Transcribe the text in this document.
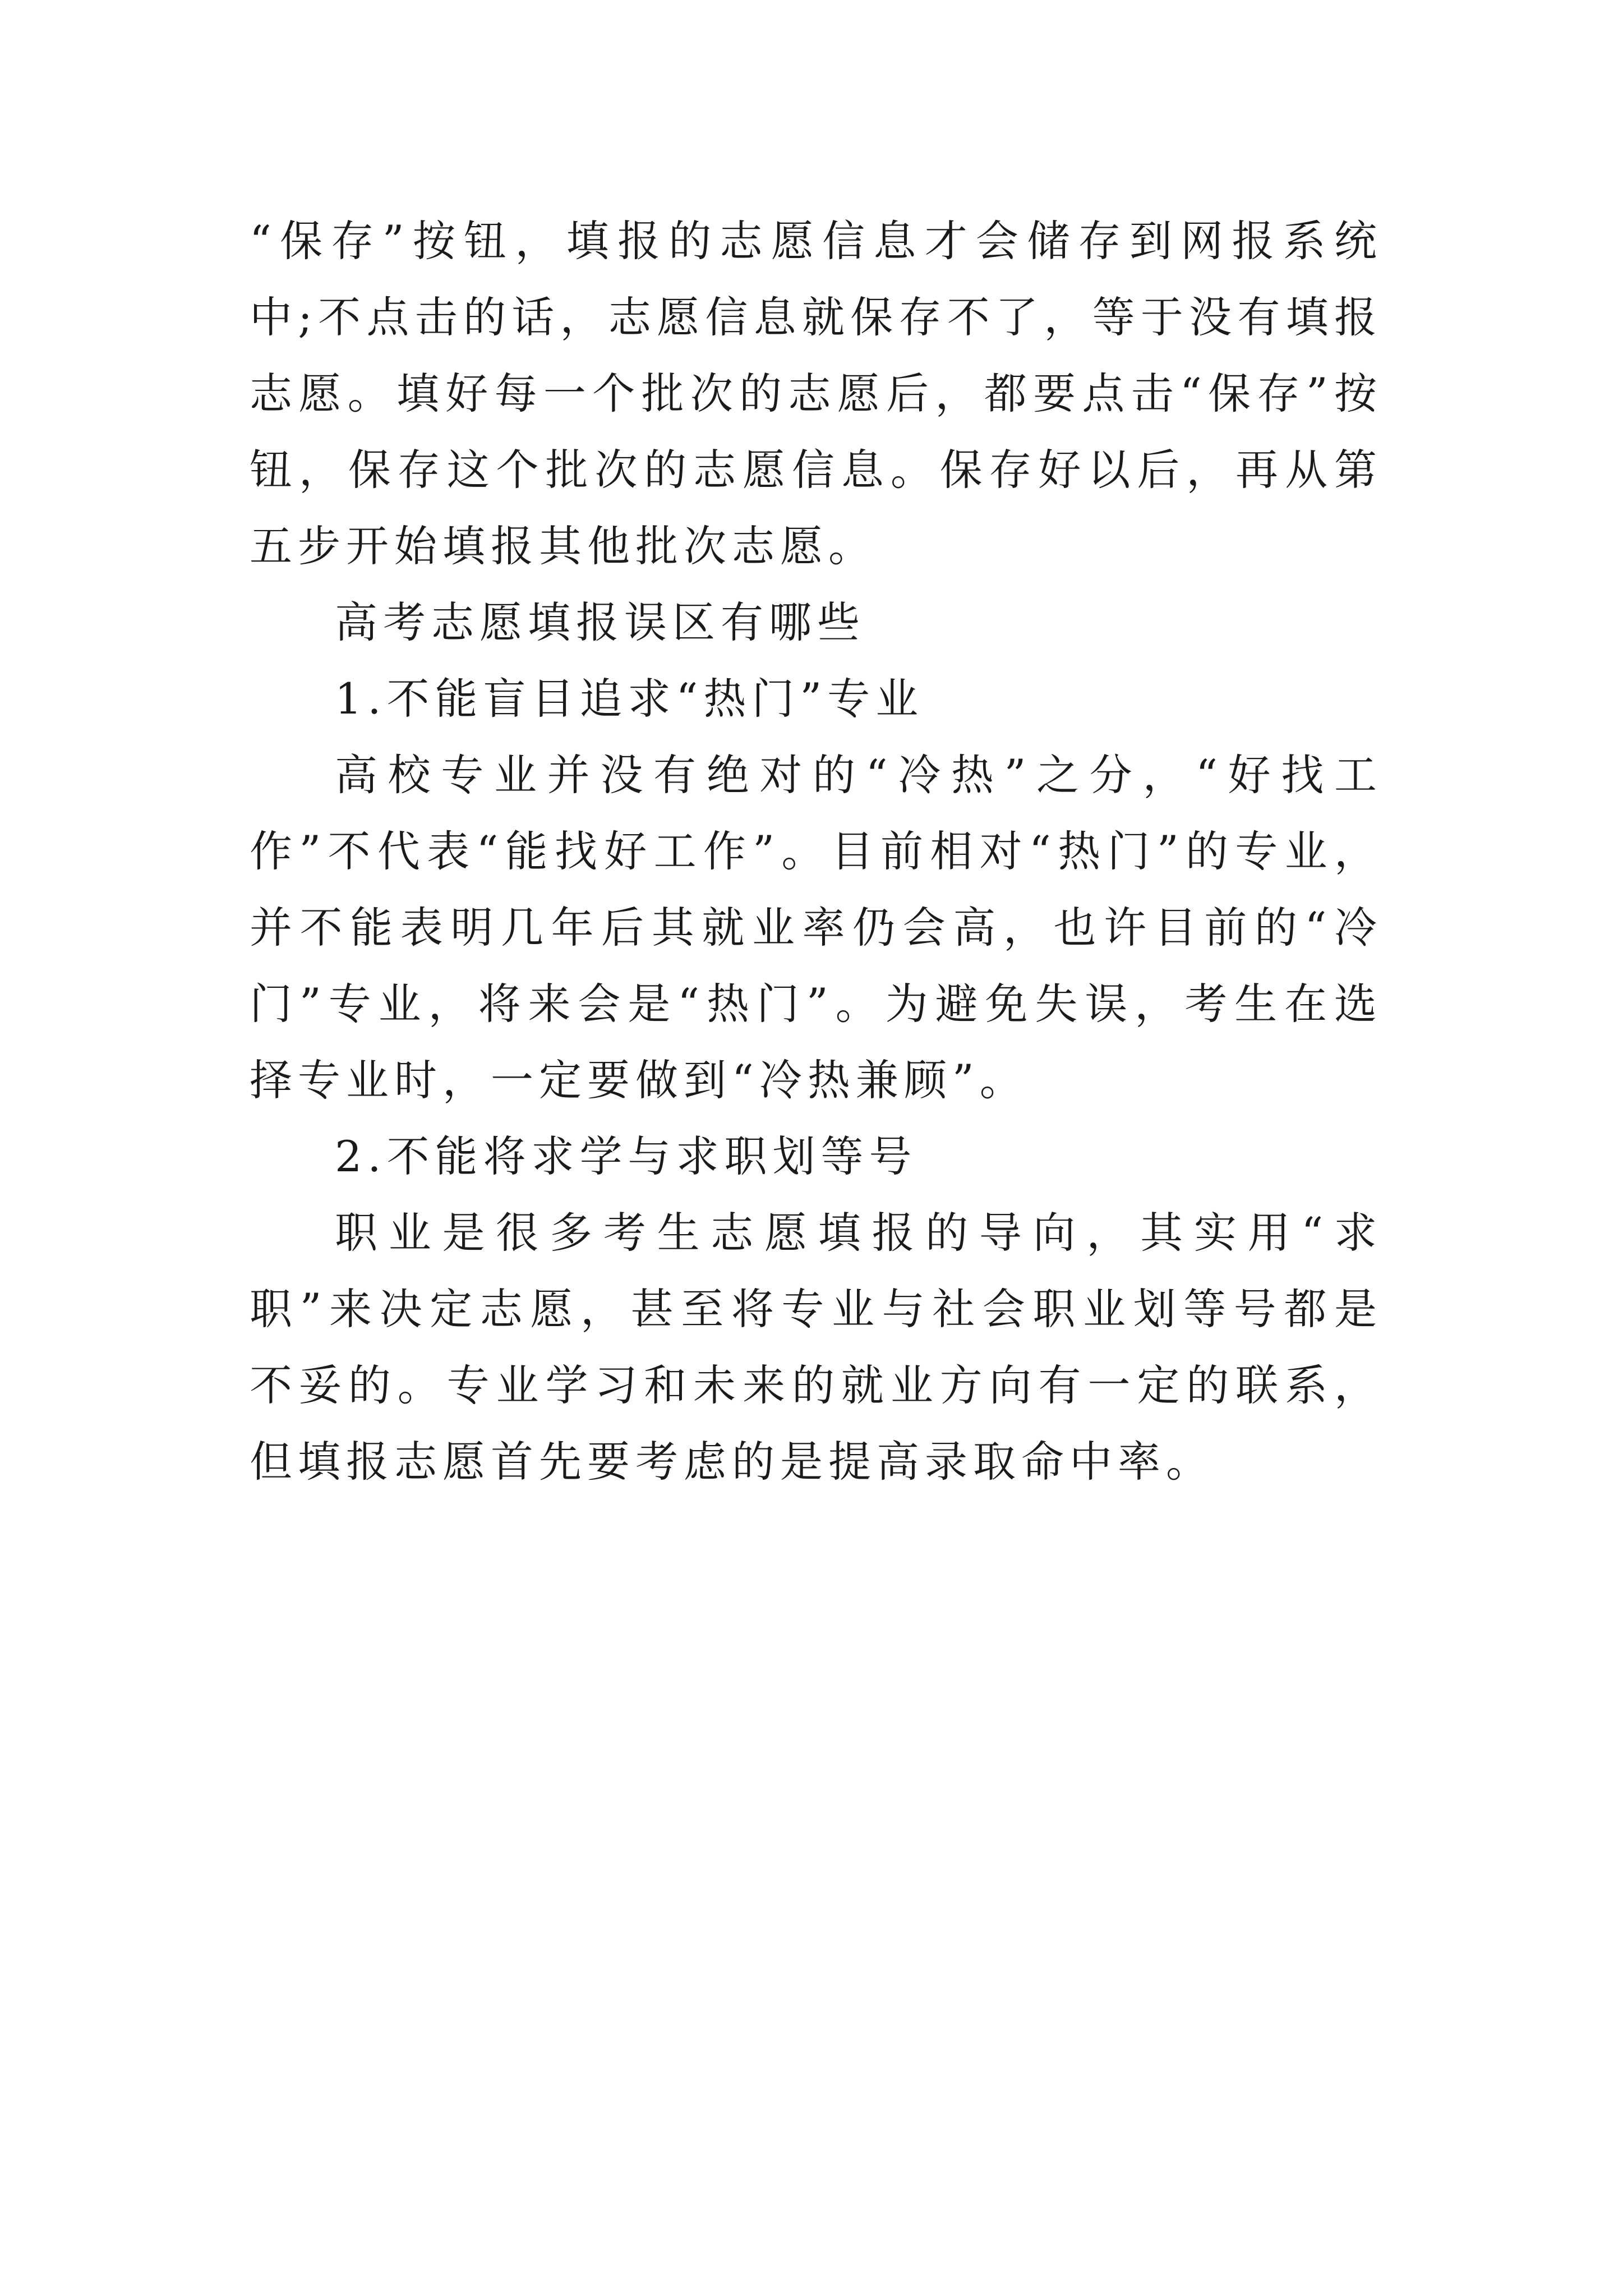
“保存”按钮，填报的志愿信息才会储存到网报系统中;不点击的话，志愿信息就保存不了，等于没有填报志愿。填好每一个批次的志愿后，都要点击“保存”按钮，保存这个批次的志愿信息。保存好以后，再从第五步开始填报其他批次志愿。

高考志愿填报误区有哪些

1.不能盲目追求“热门”专业

高校专业并没有绝对的“冷热”之分，“好找工作”不代表“能找好工作”。目前相对“热门”的专业，并不能表明几年后其就业率仍会高，也许目前的“冷门”专业，将来会是“热门”。为避免失误，考生在选择专业时，一定要做到“冷热兼顾”。

2.不能将求学与求职划等号

职业是很多考生志愿填报的导向，其实用“求职”来决定志愿，甚至将专业与社会职业划等号都是不妥的。专业学习和未来的就业方向有一定的联系，但填报志愿首先要考虑的是提高录取命中率。
